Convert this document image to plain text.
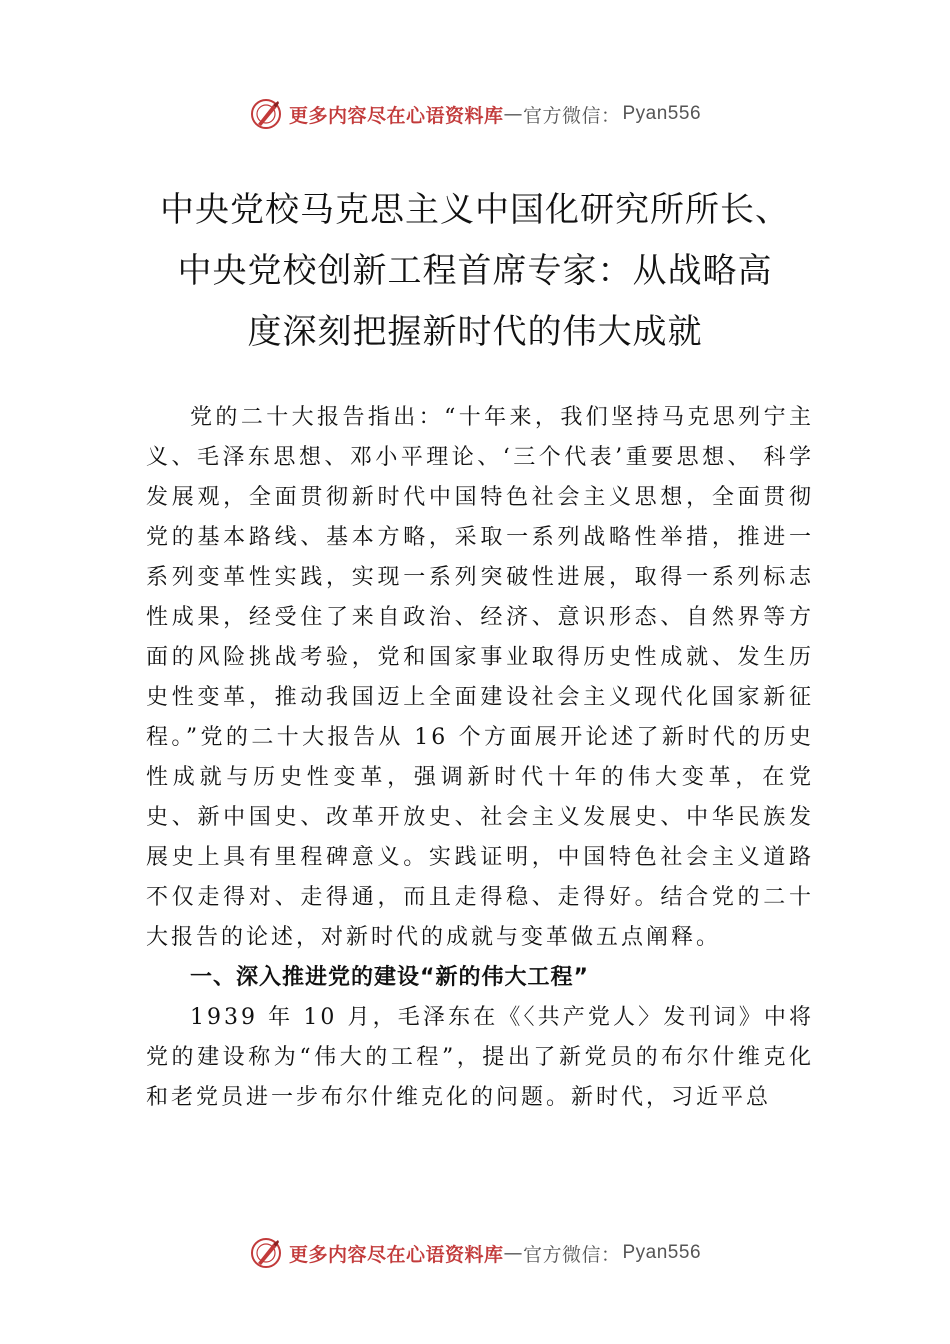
更多内容尽在心语资料库 — 官方微信： Pyan556
中央党校马克思主义中国化研究所所长、
中央党校创新工程首席专家：从战略高
度深刻把握新时代的伟大成就

党的二十大报告指出：“十年来，我们坚持马克思列宁主义、毛泽东思想、邓小平理论、‘三个代表’重要思想、 科学发展观，全面贯彻新时代中国特色社会主义思想，全面贯彻党的基本路线、基本方略，采取一系列战略性举措，推进一系列变革性实践，实现一系列突破性进展，取得一系列标志性成果，经受住了来自政治、经济、意识形态、自然界等方面的风险挑战考验，党和国家事业取得历史性成就、发生历史性变革，推动我国迈上全面建设社会主义现代化国家新征程。”党的二十大报告从 16 个方面展开论述了新时代的历史性成就与历史性变革，强调新时代十年的伟大变革，在党史、新中国史、改革开放史、社会主义发展史、中华民族发展史上具有里程碑意义。实践证明，中国特色社会主义道路不仅走得对、走得通，而且走得稳、走得好。结合党的二十大报告的论述，对新时代的成就与变革做五点阐释。

一、深入推进党的建设“新的伟大工程”

1939 年 10 月，毛泽东在《〈共产党人〉发刊词》中将党的建设称为“伟大的工程”，提出了新党员的布尔什维克化和老党员进一步布尔什维克化的问题。新时代，习近平总

更多内容尽在心语资料库 — 官方微信： Pyan556
